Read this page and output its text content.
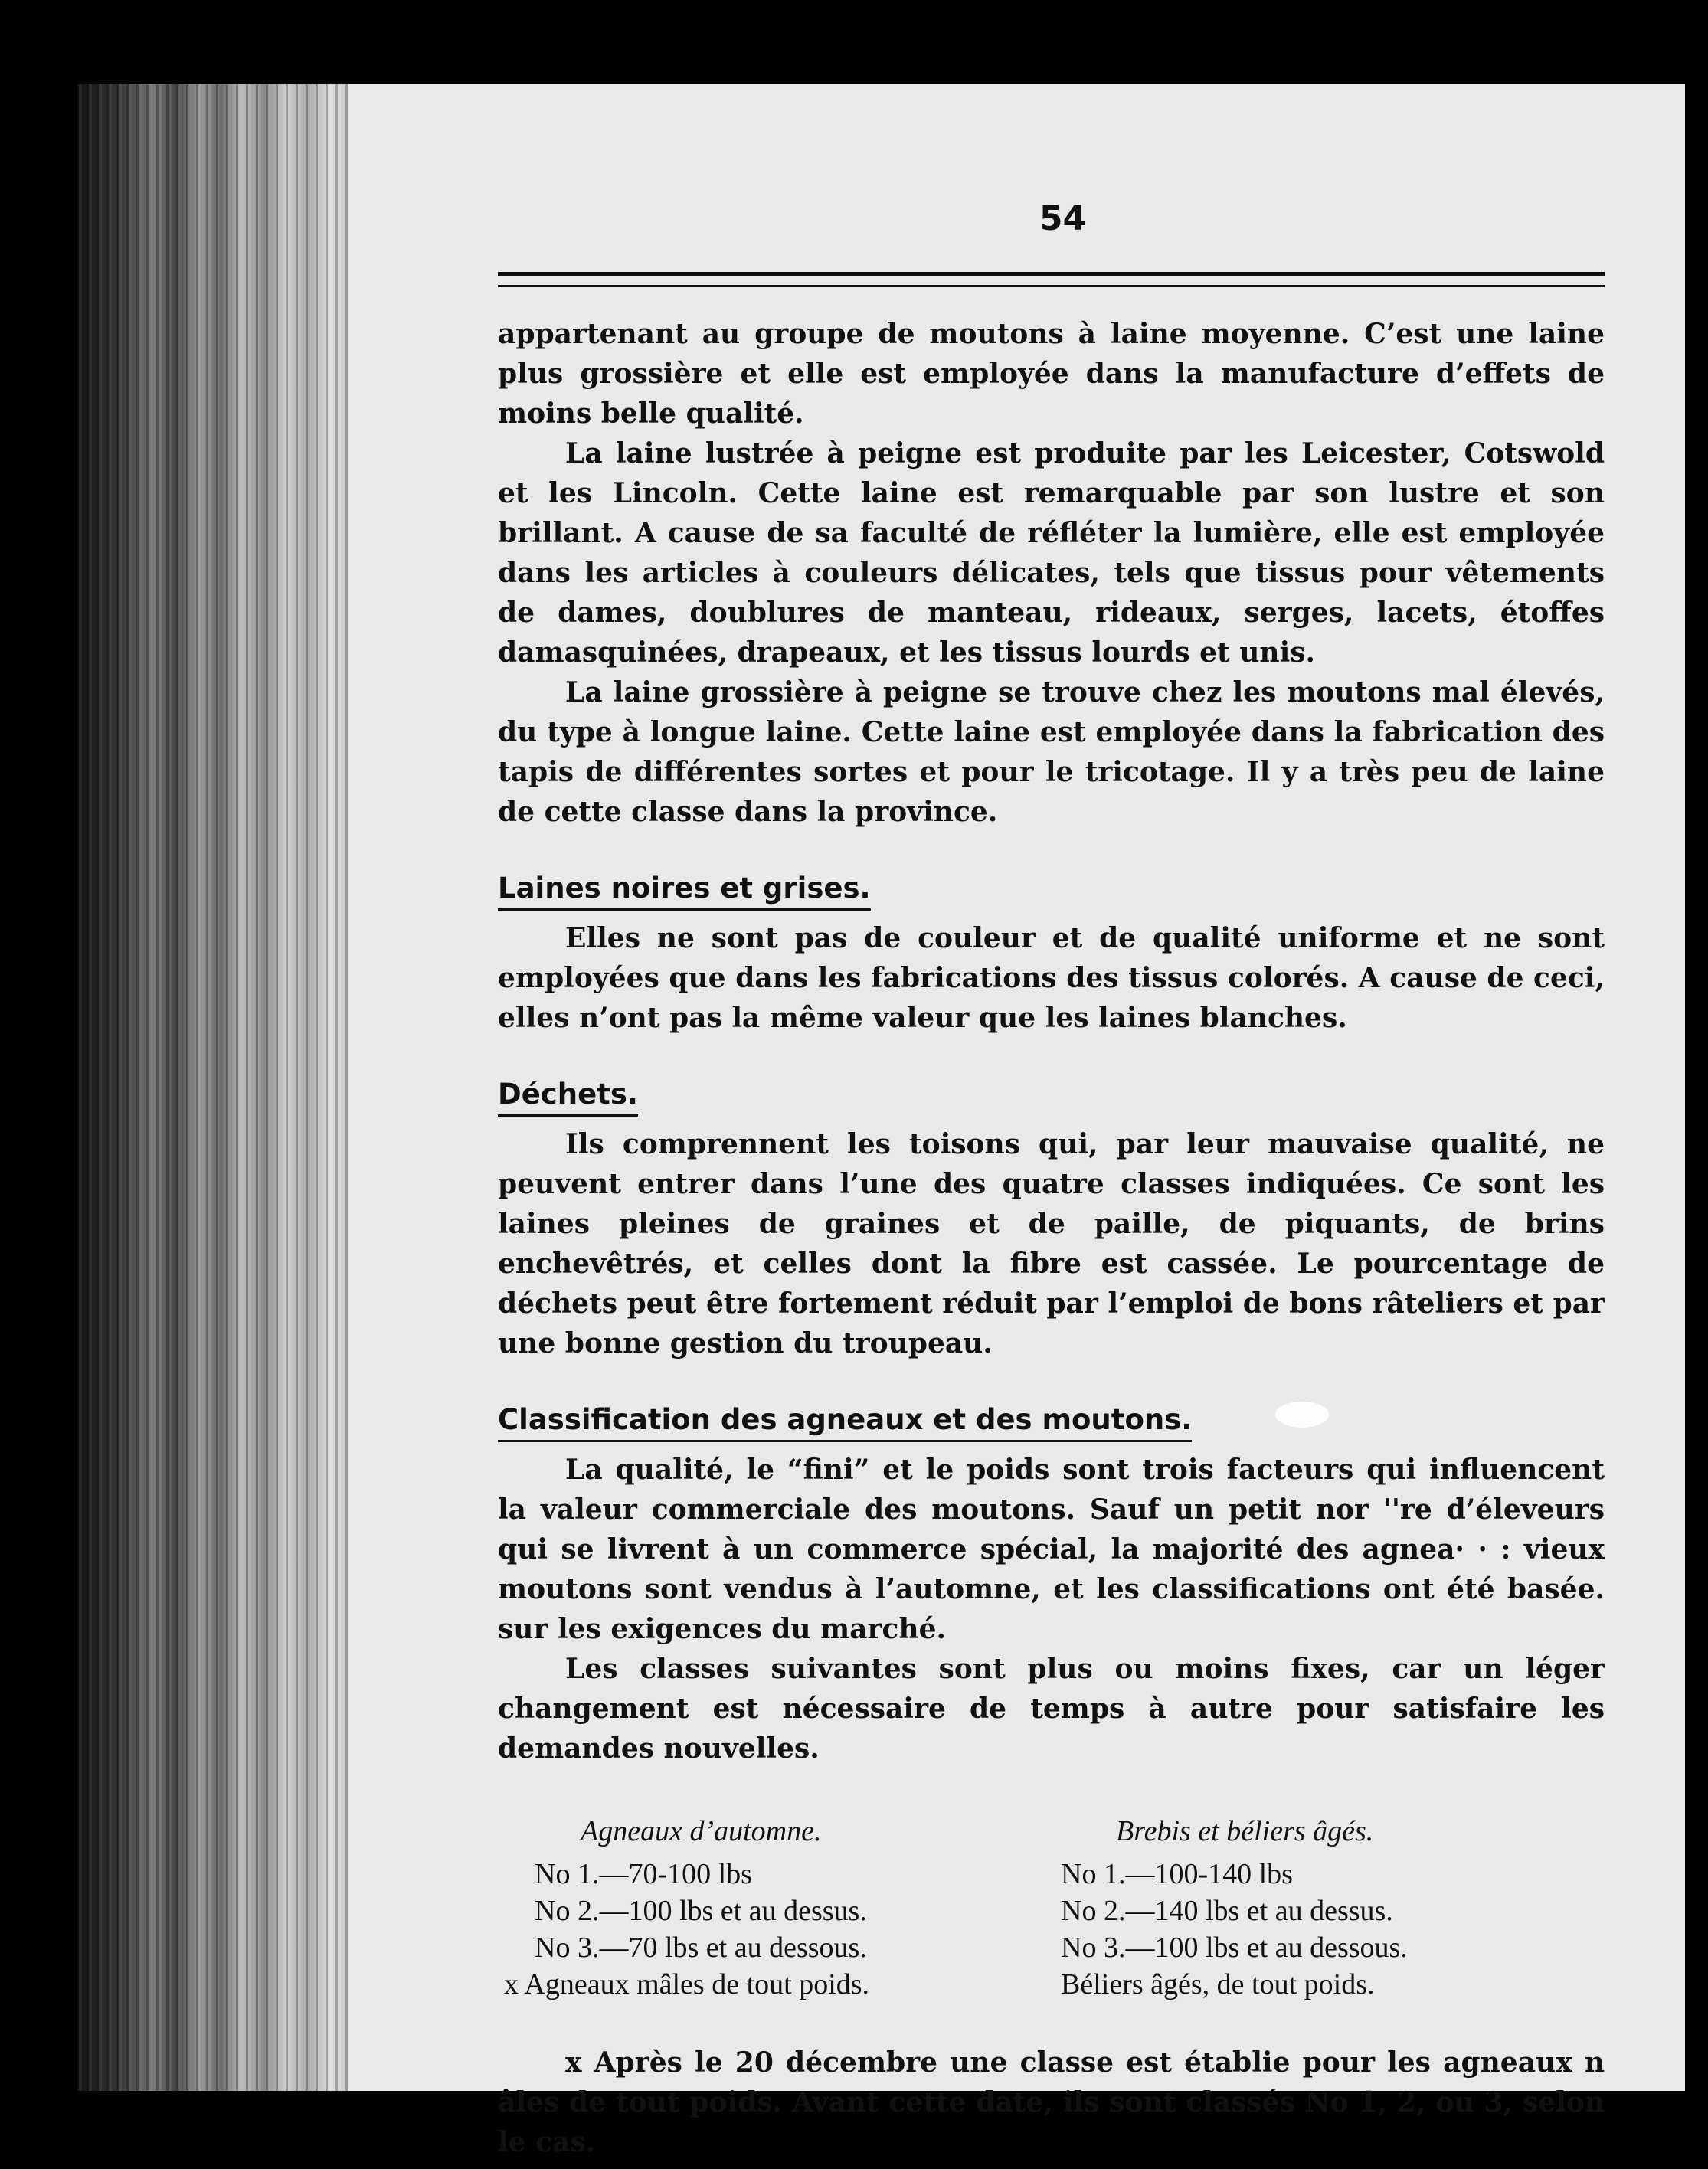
54

appartenant au groupe de moutons à laine moyenne. C’est une laine plus grossière et elle est employée dans la manufacture d’effets de moins belle qualité.

La laine lustrée à peigne est produite par les Leicester, Cotswold et les Lincoln. Cette laine est remarquable par son lustre et son brillant. A cause de sa faculté de réfléter la lumière, elle est employée dans les articles à couleurs délicates, tels que tissus pour vêtements de dames, doublures de manteau, rideaux, serges, lacets, étoffes damasquinées, drapeaux, et les tissus lourds et unis.

La laine grossière à peigne se trouve chez les moutons mal élevés, du type à longue laine. Cette laine est employée dans la fabrication des tapis de différentes sortes et pour le tricotage. Il y a très peu de laine de cette classe dans la province.

Laines noires et grises.

Elles ne sont pas de couleur et de qualité uniforme et ne sont employées que dans les fabrications des tissus colorés. A cause de ceci, elles n’ont pas la même valeur que les laines blanches.

Déchets.

Ils comprennent les toisons qui, par leur mauvaise qualité, ne peuvent entrer dans l’une des quatre classes indiquées. Ce sont les laines pleines de graines et de paille, de piquants, de brins enchevêtrés, et celles dont la fibre est cassée. Le pourcentage de déchets peut être fortement réduit par l’emploi de bons râteliers et par une bonne gestion du troupeau.

Classification des agneaux et des moutons.

La qualité, le “fini” et le poids sont trois facteurs qui influencent la valeur commerciale des moutons. Sauf un petit nor ''re d’éleveurs qui se livrent à un commerce spécial, la majorité des agnea· · : vieux moutons sont vendus à l’automne, et les classifications ont été basée. sur les exigences du marché.

Les classes suivantes sont plus ou moins fixes, car un léger changement est nécessaire de temps à autre pour satisfaire les demandes nouvelles.

Agneaux d’automne.
No 1.—70-100 lbs
No 2.—100 lbs et au dessus.
No 3.—70 lbs et au dessous.
x Agneaux mâles de tout poids.
Brebis et béliers âgés.
No 1.—100-140 lbs
No 2.—140 lbs et au dessus.
No 3.—100 lbs et au dessous.
Béliers âgés, de tout poids.

x Après le 20 décembre une classe est établie pour les agneaux n âles de tout poids. Avant cette date, ils sont classés No 1, 2, ou 3, selon le cas.
